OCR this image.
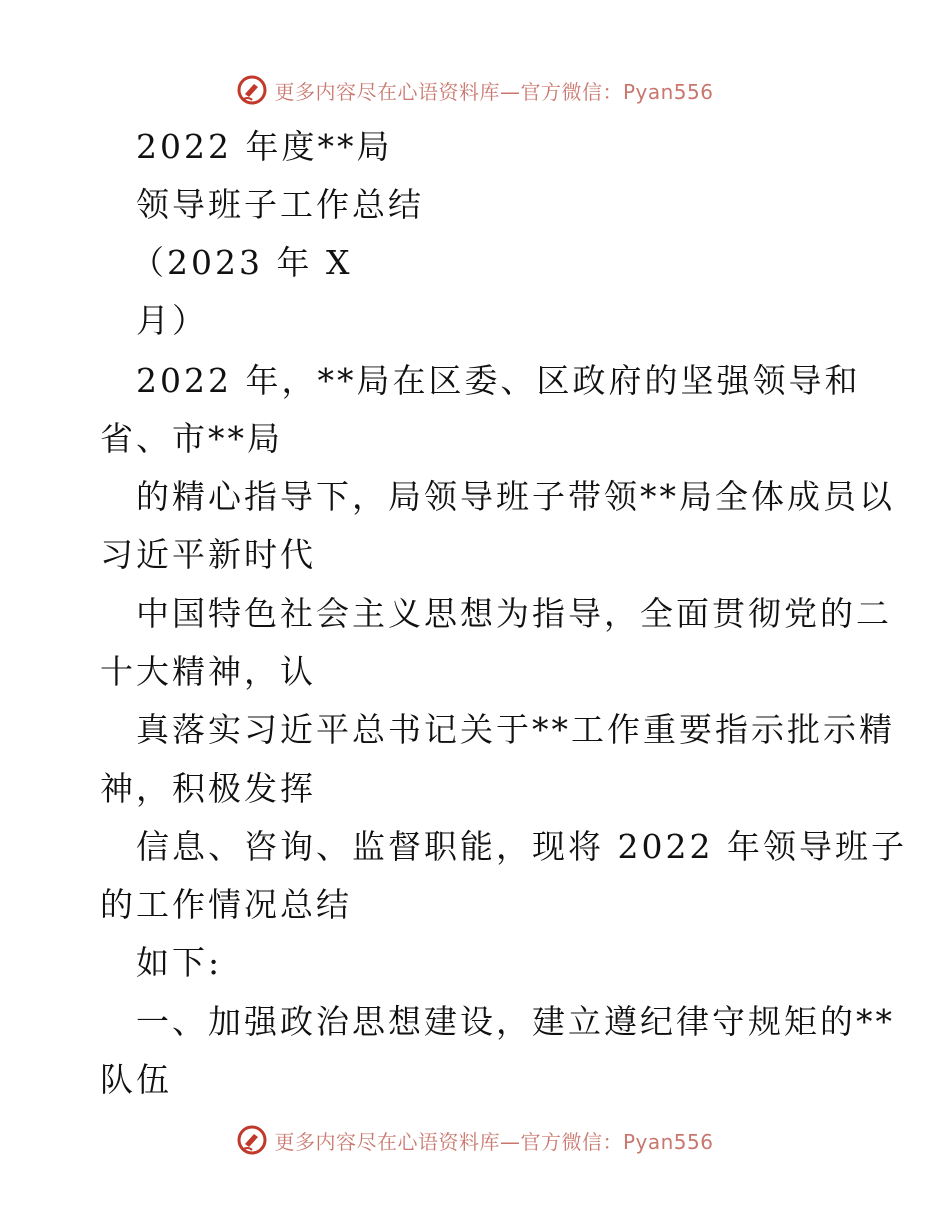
更多内容尽在心语资料库—官方微信：Pyan556
2022 年度**局
领导班子工作总结
（2023 年 X
月）
2022 年，**局在区委、区政府的坚强领导和
省、市**局
的精心指导下，局领导班子带领**局全体成员以
习近平新时代
中国特色社会主义思想为指导，全面贯彻党的二
十大精神，认
真落实习近平总书记关于**工作重要指示批示精
神，积极发挥
信息、咨询、监督职能，现将 2022 年领导班子
的工作情况总结
如下:
一、加强政治思想建设，建立遵纪律守规矩的**
队伍
更多内容尽在心语资料库—官方微信：Pyan556
